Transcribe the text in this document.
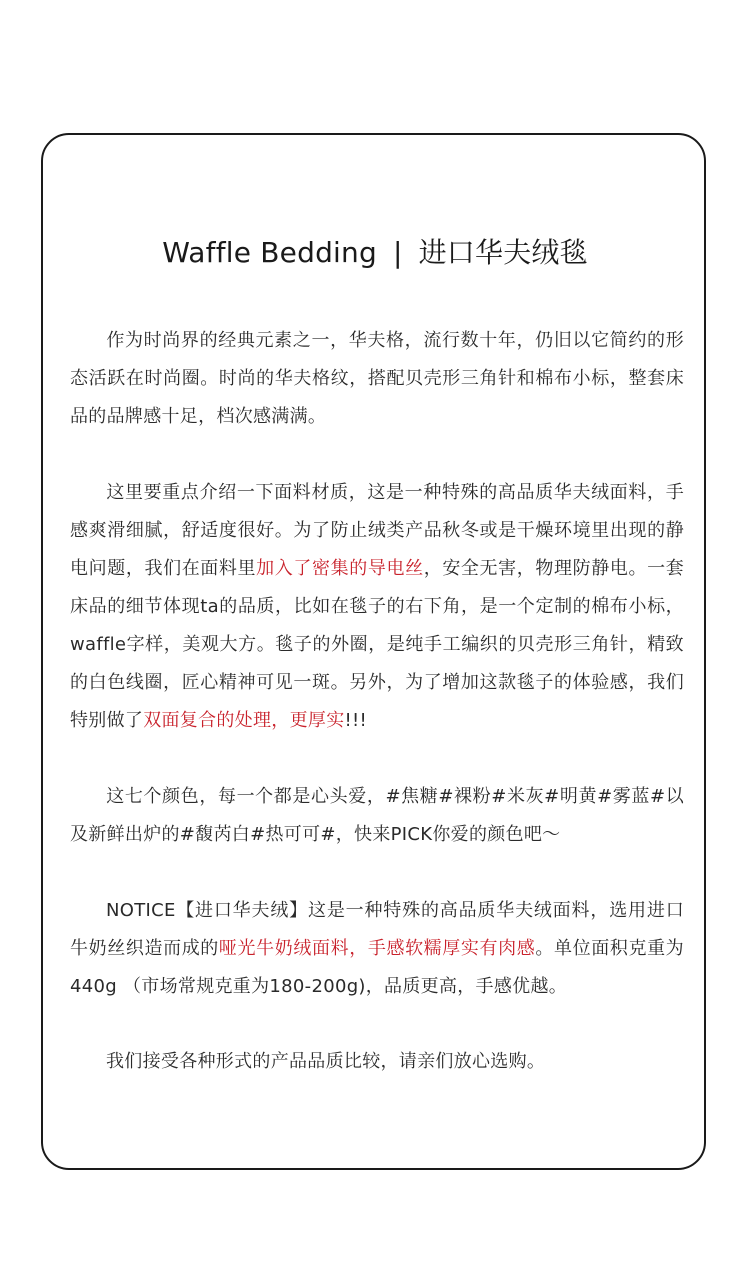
Waffle Bedding | 进口华夫绒毯
作为时尚界的经典元素之一，华夫格，流行数十年，仍旧以它简约的形态活跃在时尚圈。时尚的华夫格纹，搭配贝壳形三角针和棉布小标，整套床品的品牌感十足，档次感满满。
这里要重点介绍一下面料材质，这是一种特殊的高品质华夫绒面料，手感爽滑细腻，舒适度很好。为了防止绒类产品秋冬或是干燥环境里出现的静电问题，我们在面料里加入了密集的导电丝，安全无害，物理防静电。一套床品的细节体现ta的品质，比如在毯子的右下角，是一个定制的棉布小标，waffle字样，美观大方。毯子的外圈，是纯手工编织的贝壳形三角针，精致的白色线圈，匠心精神可见一斑。另外，为了增加这款毯子的体验感，我们特别做了双面复合的处理，更厚实!!!
这七个颜色，每一个都是心头爱，#焦糖#裸粉#米灰#明黄#雾蓝#以及新鲜出炉的#馥芮白#热可可#，快来PICK你爱的颜色吧～
NOTICE【进口华夫绒】这是一种特殊的高品质华夫绒面料，选用进口牛奶丝织造而成的哑光牛奶绒面料，手感软糯厚实有肉感。单位面积克重为440g （市场常规克重为180-200g)，品质更高，手感优越。
我们接受各种形式的产品品质比较，请亲们放心选购。
